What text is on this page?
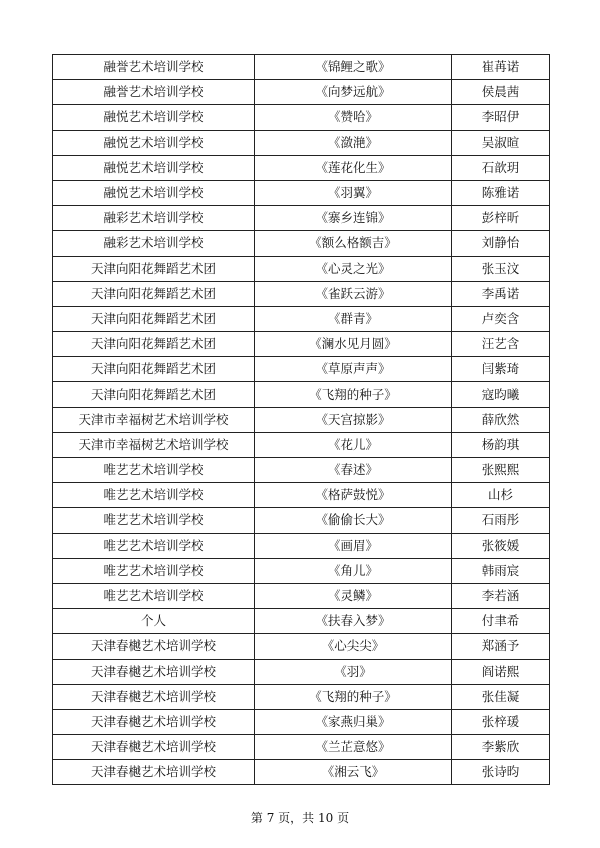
融誉艺术培训学校	《锦鲤之歌》	崔苒诺
融誉艺术培训学校	《向梦远航》	侯晨茜
融悦艺术培训学校	《赞哈》	李昭伊
融悦艺术培训学校	《潋滟》	吴淑暄
融悦艺术培训学校	《莲花化生》	石歆玥
融悦艺术培训学校	《羽翼》	陈雅诺
融彩艺术培训学校	《寨乡连锦》	彭梓昕
融彩艺术培训学校	《额么格额吉》	刘静怡
天津向阳花舞蹈艺术团	《心灵之光》	张玉汶
天津向阳花舞蹈艺术团	《雀跃云游》	李禹诺
天津向阳花舞蹈艺术团	《群青》	卢奕含
天津向阳花舞蹈艺术团	《澜水见月圆》	汪艺含
天津向阳花舞蹈艺术团	《草原声声》	闫紫琦
天津向阳花舞蹈艺术团	《飞翔的种子》	寇昀曦
天津市幸福树艺术培训学校	《天宫掠影》	薛欣然
天津市幸福树艺术培训学校	《花儿》	杨韵琪
唯艺艺术培训学校	《春述》	张熙熙
唯艺艺术培训学校	《格萨鼓悦》	山杉
唯艺艺术培训学校	《偷偷长大》	石雨彤
唯艺艺术培训学校	《画眉》	张筱媛
唯艺艺术培训学校	《角儿》	韩雨宸
唯艺艺术培训学校	《灵鳞》	李若涵
个人	《扶春入梦》	付聿希
天津春樾艺术培训学校	《心尖尖》	郑涵予
天津春樾艺术培训学校	《羽》	阎诺熙
天津春樾艺术培训学校	《飞翔的种子》	张佳凝
天津春樾艺术培训学校	《家燕归巢》	张梓瑗
天津春樾艺术培训学校	《兰芷意悠》	李紫欣
天津春樾艺术培训学校	《湘云飞》	张诗昀
第 7 页，共 10 页
